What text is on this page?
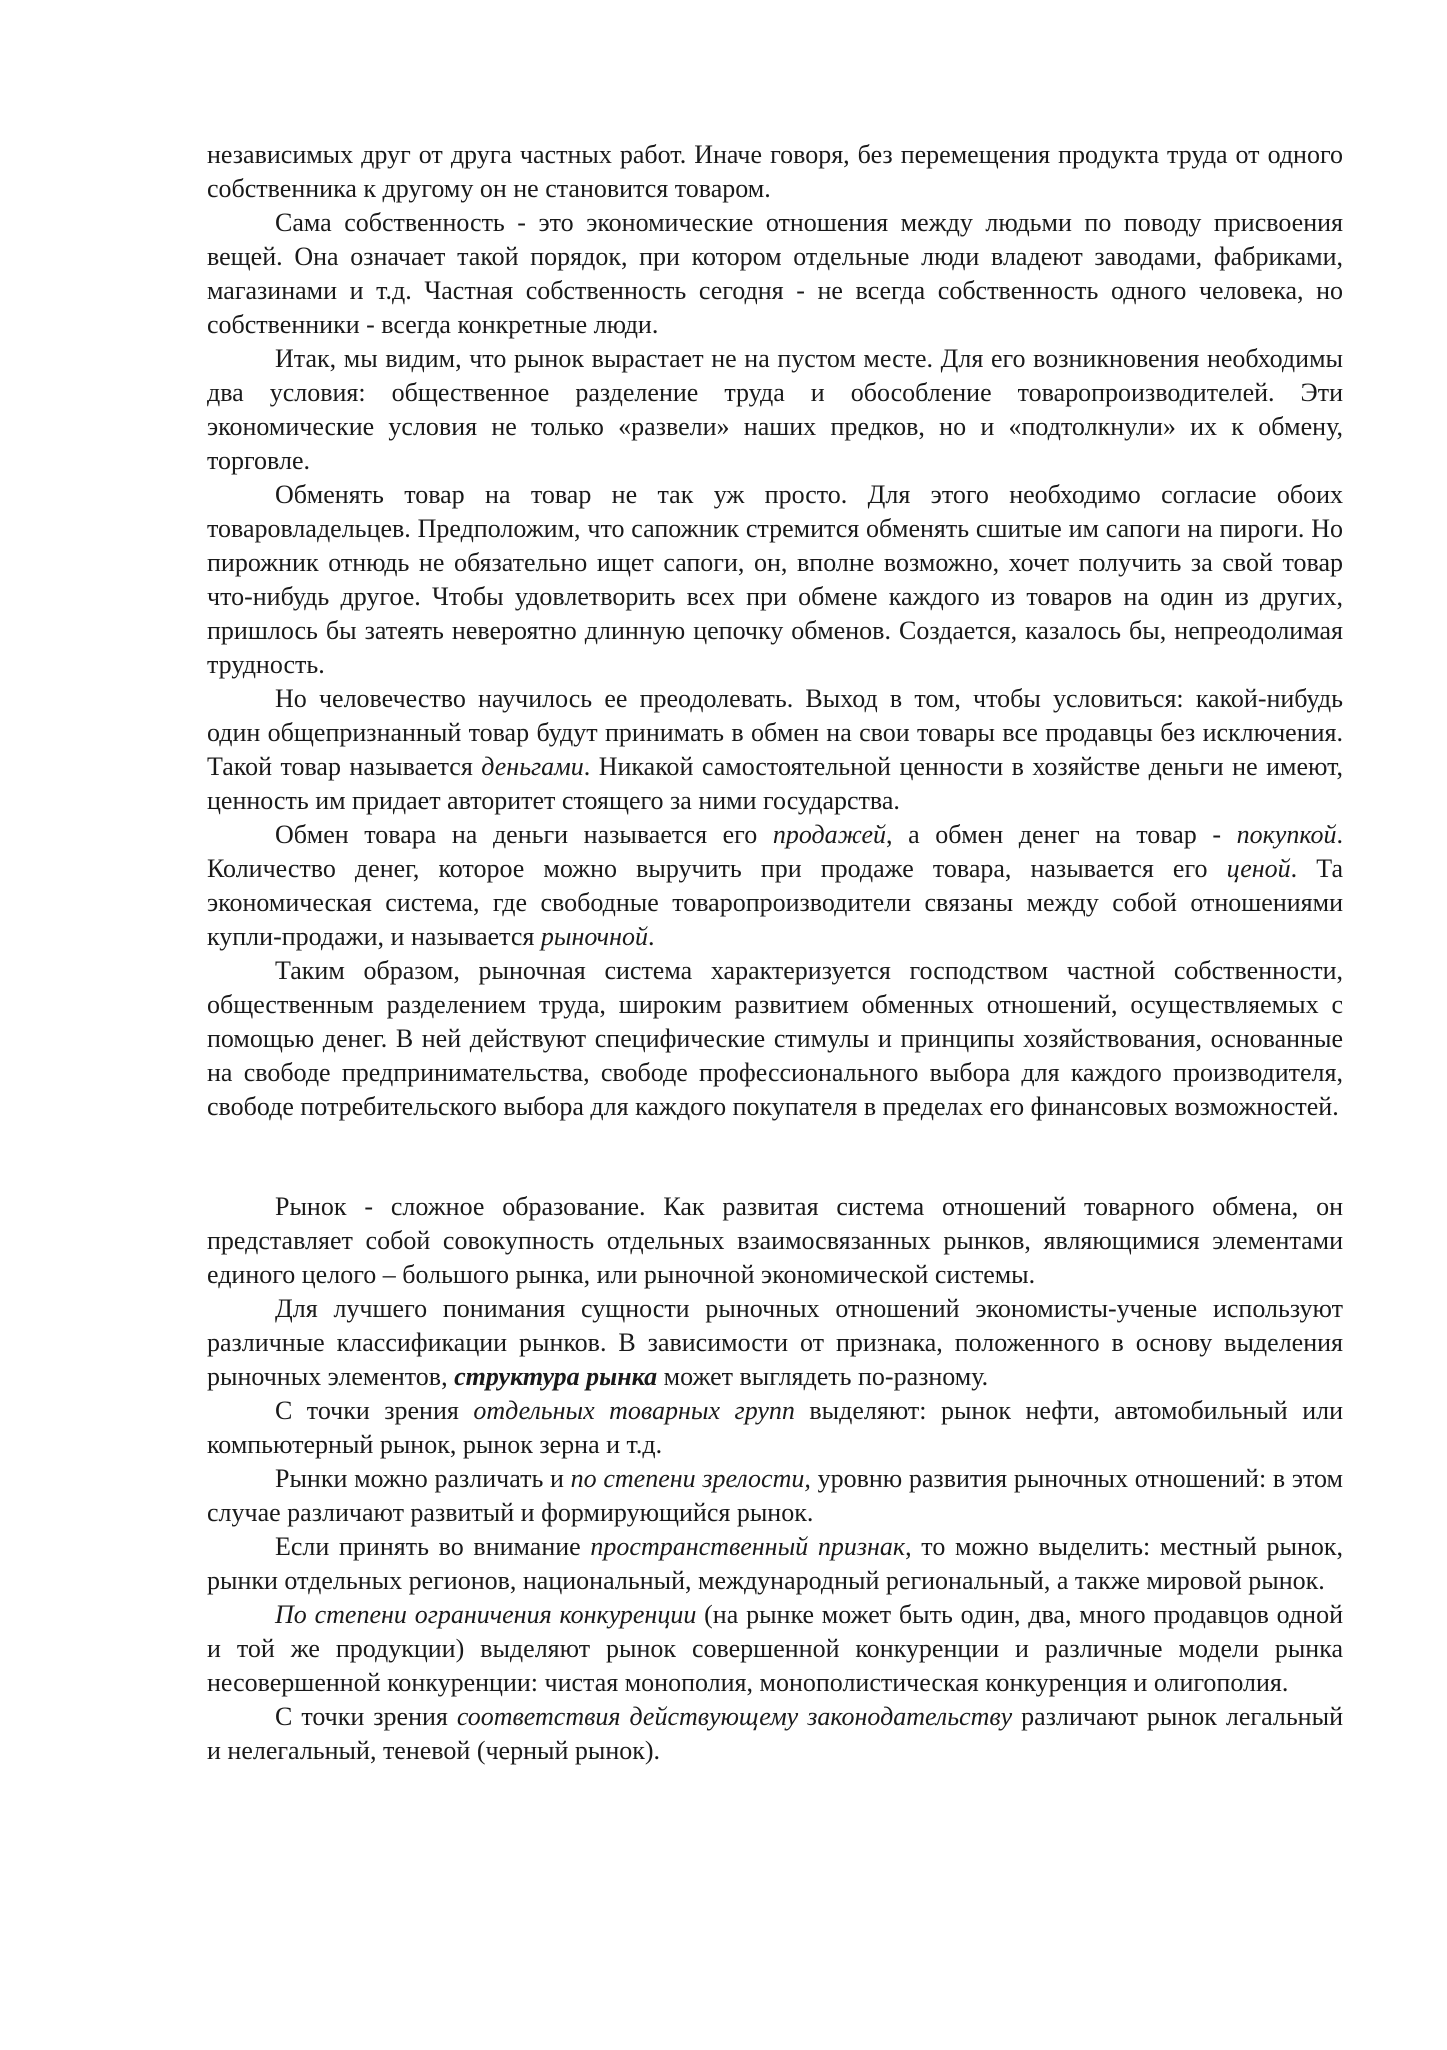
независимых друг от друга частных работ. Иначе говоря, без перемещения продукта труда от одного собственника к другому он не становится товаром.

Сама собственность - это экономические отношения между людьми по поводу присвоения вещей. Она означает такой порядок, при котором отдельные люди владеют заводами, фабриками, магазинами и т.д. Частная собственность сегодня - не всегда собственность одного человека, но собственники - всегда конкретные люди.

Итак, мы видим, что рынок вырастает не на пустом месте. Для его возникновения необходимы два условия: общественное разделение труда и обособление товаропроизводителей. Эти экономические условия не только «развели» наших предков, но и «подтолкнули» их к обмену, торговле.

Обменять товар на товар не так уж просто. Для этого необходимо согласие обоих товаровладельцев. Предположим, что сапожник стремится обменять сшитые им сапоги на пироги. Но пирожник отнюдь не обязательно ищет сапоги, он, вполне возможно, хочет получить за свой товар что-нибудь другое. Чтобы удовлетворить всех при обмене каждого из товаров на один из других, пришлось бы затеять невероятно длинную цепочку обменов. Создается, казалось бы, непреодолимая трудность.

Но человечество научилось ее преодолевать. Выход в том, чтобы условиться: какой-нибудь один общепризнанный товар будут принимать в обмен на свои товары все продавцы без исключения. Такой товар называется деньгами. Никакой самостоятельной ценности в хозяйстве деньги не имеют, ценность им придает авторитет стоящего за ними государства.

Обмен товара на деньги называется его продажей, а обмен денег на товар - покупкой. Количество денег, которое можно выручить при продаже товара, называется его ценой. Та экономическая система, где свободные товаропроизводители связаны между собой отношениями купли-продажи, и называется рыночной.

Таким образом, рыночная система характеризуется господством частной собственности, общественным разделением труда, широким развитием обменных отношений, осуществляемых с помощью денег. В ней действуют специфические стимулы и принципы хозяйствования, основанные на свободе предпринимательства, свободе профессионального выбора для каждого производителя, свободе потребительского выбора для каждого покупателя в пределах его финансовых возможностей.

Рынок - сложное образование. Как развитая система отношений товарного обмена, он представляет собой совокупность отдельных взаимосвязанных рынков, являющимися элементами единого целого – большого рынка, или рыночной экономической системы.

Для лучшего понимания сущности рыночных отношений экономисты-ученые используют различные классификации рынков. В зависимости от признака, положенного в основу выделения рыночных элементов, структура рынка может выглядеть по-разному.

С точки зрения отдельных товарных групп выделяют: рынок нефти, автомобильный или компьютерный рынок, рынок зерна и т.д.

Рынки можно различать и по степени зрелости, уровню развития рыночных отношений: в этом случае различают развитый и формирующийся рынок.

Если принять во внимание пространственный признак, то можно выделить: местный рынок, рынки отдельных регионов, национальный, международный региональный, а также мировой рынок.

По степени ограничения конкуренции (на рынке может быть один, два, много продавцов одной и той же продукции) выделяют рынок совершенной конкуренции и различные модели рынка несовершенной конкуренции: чистая монополия, монополистическая конкуренция и олигополия.

С точки зрения соответствия действующему законодательству различают рынок легальный и нелегальный, теневой (черный рынок).
